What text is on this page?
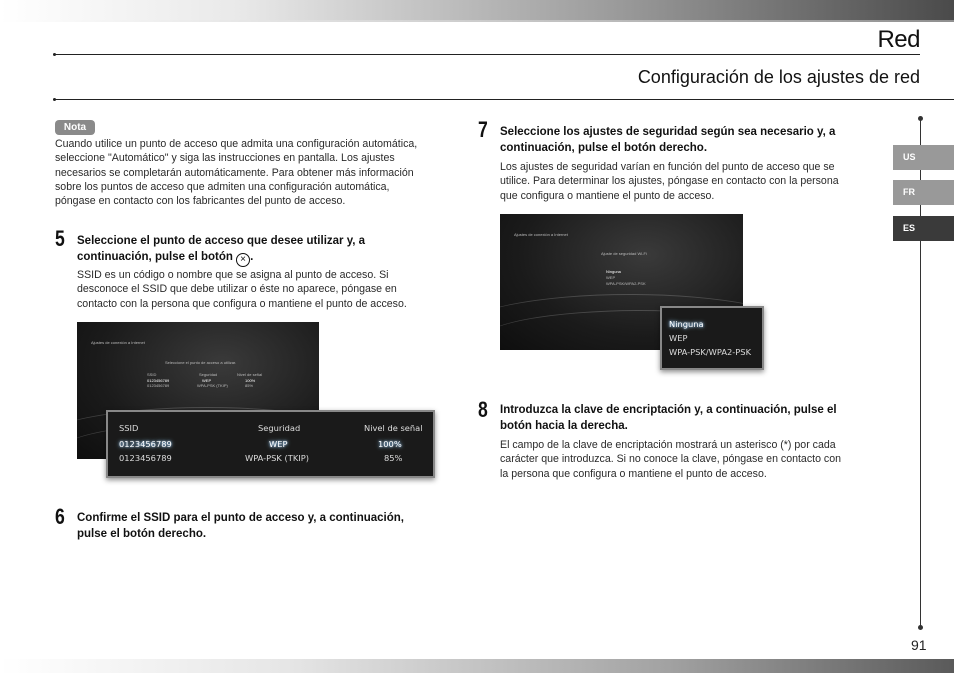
Red
Configuración de los ajustes de red
Nota
Cuando utilice un punto de acceso que admita una configuración automática,
seleccione "Automático" y siga las instrucciones en pantalla. Los ajustes
necesarios se completarán automáticamente. Para obtener más información
sobre los puntos de acceso que admiten una configuración automática,
póngase en contacto con los fabricantes del punto de acceso.
5 Seleccione el punto de acceso que desee utilizar y, a
continuación, pulse el botón × .
SSID es un código o nombre que se asigna al punto de acceso. Si
desconoce el SSID que debe utilizar o éste no aparece, póngase en
contacto con la persona que configura o mantiene el punto de acceso.
Ajustes de conexión a Internet
Seleccione el punto de acceso a utilizar.
SSID	Seguridad	Nivel de señal
0123456789	WEP	100%
0123456789	WPA-PSK (TKIP)	85%
SSID	Seguridad	Nivel de señal
0123456789	WEP	100%
0123456789	WPA-PSK (TKIP)	85%
6 Confirme el SSID para el punto de acceso y, a continuación,
pulse el botón derecho.
7 Seleccione los ajustes de seguridad según sea necesario y, a
continuación, pulse el botón derecho.
Los ajustes de seguridad varían en función del punto de acceso que se
utilice. Para determinar los ajustes, póngase en contacto con la persona
que configura o mantiene el punto de acceso.
Ajustes de conexión a Internet
Ajuste de seguridad Wi-Fi
Ninguna
WEP
WPA-PSK/WPA2-PSK
Ninguna
WEP
WPA-PSK/WPA2-PSK
8 Introduzca la clave de encriptación y, a continuación, pulse el
botón hacia la derecha.
El campo de la clave de encriptación mostrará un asterisco (*) por cada
carácter que introduzca. Si no conoce la clave, póngase en contacto con
la persona que configura o mantiene el punto de acceso.
US
FR
ES
91
